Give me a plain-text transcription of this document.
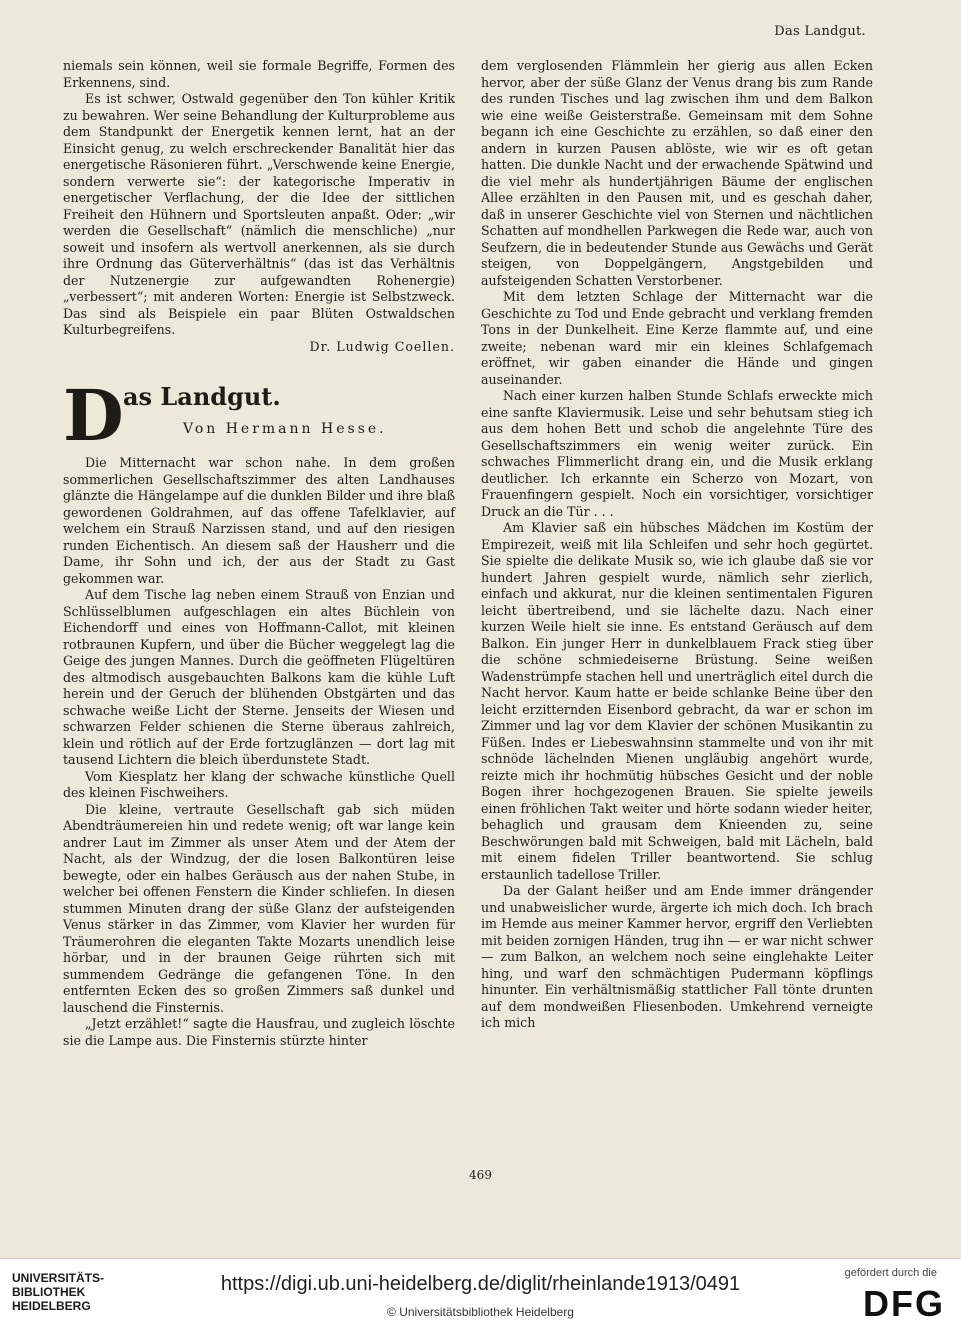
Das Landgut.

niemals sein können, weil sie formale Begriffe, Formen des Erkennens, sind.

Es ist schwer, Ostwald gegenüber den Ton kühler Kritik zu bewahren. Wer seine Behandlung der Kulturprobleme aus dem Standpunkt der Energetik kennen lernt, hat an der Einsicht genug, zu welch erschreckender Banalität hier das energetische Räsonieren führt. „Verschwende keine Energie, sondern verwerte sie“: der kategorische Imperativ in energetischer Verflachung, der die Idee der sittlichen Freiheit den Hühnern und Sportsleuten anpaßt. Oder: „wir werden die Gesellschaft“ (nämlich die menschliche) „nur soweit und insofern als wertvoll anerkennen, als sie durch ihre Ordnung das Güterverhältnis“ (das ist das Verhältnis der Nutzenergie zur aufgewandten Rohenergie) „verbessert“; mit anderen Worten: Energie ist Selbstzweck. Das sind als Beispiele ein paar Blüten Ostwaldschen Kulturbegreifens.

Dr. Ludwig Coellen.

D as Landgut.
Von Hermann Hesse.

Die Mitternacht war schon nahe. In dem großen sommerlichen Gesellschaftszimmer des alten Landhauses glänzte die Hängelampe auf die dunklen Bilder und ihre blaß gewordenen Goldrahmen, auf das offene Tafelklavier, auf welchem ein Strauß Narzissen stand, und auf den riesigen runden Eichentisch. An diesem saß der Hausherr und die Dame, ihr Sohn und ich, der aus der Stadt zu Gast gekommen war.

Auf dem Tische lag neben einem Strauß von Enzian und Schlüsselblumen aufgeschlagen ein altes Büchlein von Eichendorff und eines von Hoffmann-Callot, mit kleinen rotbraunen Kupfern, und über die Bücher weggelegt lag die Geige des jungen Mannes. Durch die geöffneten Flügeltüren des altmodisch ausgebauchten Balkons kam die kühle Luft herein und der Geruch der blühenden Obstgärten und das schwache weiße Licht der Sterne. Jenseits der Wiesen und schwarzen Felder schienen die Sterne überaus zahlreich, klein und rötlich auf der Erde fortzuglänzen — dort lag mit tausend Lichtern die bleich überdunstete Stadt.

Vom Kiesplatz her klang der schwache künstliche Quell des kleinen Fischweihers.

Die kleine, vertraute Gesellschaft gab sich müden Abendträumereien hin und redete wenig; oft war lange kein andrer Laut im Zimmer als unser Atem und der Atem der Nacht, als der Windzug, der die losen Balkontüren leise bewegte, oder ein halbes Geräusch aus der nahen Stube, in welcher bei offenen Fenstern die Kinder schliefen. In diesen stummen Minuten drang der süße Glanz der aufsteigenden Venus stärker in das Zimmer, vom Klavier her wurden für Träumerohren die eleganten Takte Mozarts unendlich leise hörbar, und in der braunen Geige rührten sich mit summendem Gedränge die gefangenen Töne. In den entfernten Ecken des so großen Zimmers saß dunkel und lauschend die Finsternis.

„Jetzt erzählet!“ sagte die Hausfrau, und zugleich löschte sie die Lampe aus. Die Finsternis stürzte hinter

dem verglosenden Flämmlein her gierig aus allen Ecken hervor, aber der süße Glanz der Venus drang bis zum Rande des runden Tisches und lag zwischen ihm und dem Balkon wie eine weiße Geisterstraße. Gemeinsam mit dem Sohne begann ich eine Geschichte zu erzählen, so daß einer den andern in kurzen Pausen ablöste, wie wir es oft getan hatten. Die dunkle Nacht und der erwachende Spätwind und die viel mehr als hundertjährigen Bäume der englischen Allee erzählten in den Pausen mit, und es geschah daher, daß in unserer Geschichte viel von Sternen und nächtlichen Schatten auf mondhellen Parkwegen die Rede war, auch von Seufzern, die in bedeutender Stunde aus Gewächs und Gerät steigen, von Doppelgängern, Angstgebilden und aufsteigenden Schatten Verstorbener.

Mit dem letzten Schlage der Mitternacht war die Geschichte zu Tod und Ende gebracht und verklang fremden Tons in der Dunkelheit. Eine Kerze flammte auf, und eine zweite; nebenan ward mir ein kleines Schlafgemach eröffnet, wir gaben einander die Hände und gingen auseinander.

Nach einer kurzen halben Stunde Schlafs erweckte mich eine sanfte Klaviermusik. Leise und sehr behutsam stieg ich aus dem hohen Bett und schob die angelehnte Türe des Gesellschaftszimmers ein wenig weiter zurück. Ein schwaches Flimmerlicht drang ein, und die Musik erklang deutlicher. Ich erkannte ein Scherzo von Mozart, von Frauenfingern gespielt. Noch ein vorsichtiger, vorsichtiger Druck an die Tür . . .

Am Klavier saß ein hübsches Mädchen im Kostüm der Empirezeit, weiß mit lila Schleifen und sehr hoch gegürtet. Sie spielte die delikate Musik so, wie ich glaube daß sie vor hundert Jahren gespielt wurde, nämlich sehr zierlich, einfach und akkurat, nur die kleinen sentimentalen Figuren leicht übertreibend, und sie lächelte dazu. Nach einer kurzen Weile hielt sie inne. Es entstand Geräusch auf dem Balkon. Ein junger Herr in dunkelblauem Frack stieg über die schöne schmiedeiserne Brüstung. Seine weißen Wadenstrümpfe stachen hell und unerträglich eitel durch die Nacht hervor. Kaum hatte er beide schlanke Beine über den leicht erzitternden Eisenbord gebracht, da war er schon im Zimmer und lag vor dem Klavier der schönen Musikantin zu Füßen. Indes er Liebeswahnsinn stammelte und von ihr mit schnöde lächelnden Mienen ungläubig angehört wurde, reizte mich ihr hochmütig hübsches Gesicht und der noble Bogen ihrer hochgezogenen Brauen. Sie spielte jeweils einen fröhlichen Takt weiter und hörte sodann wieder heiter, behaglich und grausam dem Knieenden zu, seine Beschwörungen bald mit Schweigen, bald mit Lächeln, bald mit einem fidelen Triller beantwortend. Sie schlug erstaunlich tadellose Triller.

Da der Galant heißer und am Ende immer drängender und unabweislicher wurde, ärgerte ich mich doch. Ich brach im Hemde aus meiner Kammer hervor, ergriff den Verliebten mit beiden zornigen Händen, trug ihn — er war nicht schwer — zum Balkon, an welchem noch seine einglehakte Leiter hing, und warf den schmächtigen Pudermann köpflings hinunter. Ein verhältnismäßig stattlicher Fall tönte drunten auf dem mondweißen Fliesenboden. Umkehrend verneigte ich mich

469
UNIVERSITÄTS-
BIBLIOTHEK
HEIDELBERG
https://digi.ub.uni-heidelberg.de/diglit/rheinlande1913/0491
© Universitätsbibliothek Heidelberg
gefördert durch die
DFG
